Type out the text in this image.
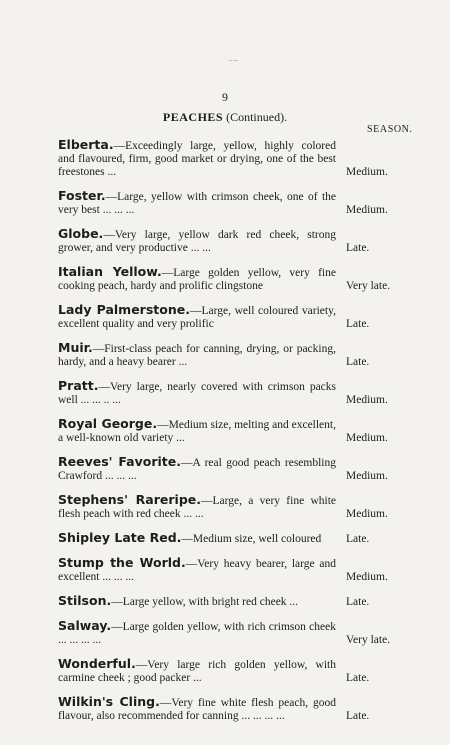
⁻⁻
9
PEACHES (Continued).
SEASON.
Elberta.—Exceedingly large, yellow, highly colored and flavoured, firm, good market or drying, one of the best freestones ...	Medium.
Foster.—Large, yellow with crimson cheek, one of the very best ... ... ...	Medium.
Globe.—Very large, yellow dark red cheek, strong grower, and very productive ... ...	Late.
Italian Yellow.—Large golden yellow, very fine cooking peach, hardy and prolific clingstone	Very late.
Lady Palmerstone.—Large, well coloured variety, excellent quality and very prolific	Late.
Muir.—First-class peach for canning, drying, or packing, hardy, and a heavy bearer ...	Late.
Pratt.—Very large, nearly covered with crimson packs well ... ... .. ...	Medium.
Royal George.—Medium size, melting and excellent, a well-known old variety ...	Medium.
Reeves' Favorite.—A real good peach resembling Crawford ... ... ...	Medium.
Stephens' Rareripe.—Large, a very fine white flesh peach with red cheek ... ...	Medium.
Shipley Late Red.—Medium size, well coloured	Late.
Stump the World.—Very heavy bearer, large and excellent ... ... ...	Medium.
Stilson.—Large yellow, with bright red cheek ...	Late.
Salway.—Large golden yellow, with rich crimson cheek ... ... ... ...	Very late.
Wonderful.—Very large rich golden yellow, with carmine cheek ; good packer ...	Late.
Wilkin's Cling.—Very fine white flesh peach, good flavour, also recommended for canning ... ... ... ...	Late.
